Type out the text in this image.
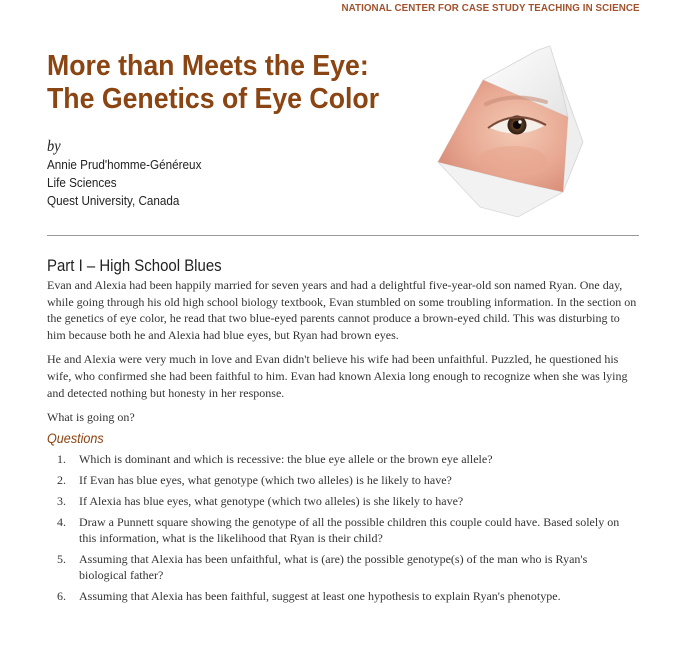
NATIONAL CENTER FOR CASE STUDY TEACHING IN SCIENCE
More than Meets the Eye:
The Genetics of Eye Color
by
Annie Prud'homme-Généreux
Life Sciences
Quest University, Canada
Part I – High School Blues

Evan and Alexia had been happily married for seven years and had a delightful five-year-old son named Ryan. One day, while going through his old high school biology textbook, Evan stumbled on some troubling information. In the section on the genetics of eye color, he read that two blue-eyed parents cannot produce a brown-eyed child. This was disturbing to him because both he and Alexia had blue eyes, but Ryan had brown eyes.

He and Alexia were very much in love and Evan didn't believe his wife had been unfaithful. Puzzled, he questioned his wife, who confirmed she had been faithful to him. Evan had known Alexia long enough to recognize when she was lying and detected nothing but honesty in her response.

What is going on?

Questions
1.	Which is dominant and which is recessive: the blue eye allele or the brown eye allele?
2.	If Evan has blue eyes, what genotype (which two alleles) is he likely to have?
3.	If Alexia has blue eyes, what genotype (which two alleles) is she likely to have?
4.	Draw a Punnett square showing the genotype of all the possible children this couple could have. Based solely on this information, what is the likelihood that Ryan is their child?
5.	Assuming that Alexia has been unfaithful, what is (are) the possible genotype(s) of the man who is Ryan's biological father?
6.	Assuming that Alexia has been faithful, suggest at least one hypothesis to explain Ryan's phenotype.
